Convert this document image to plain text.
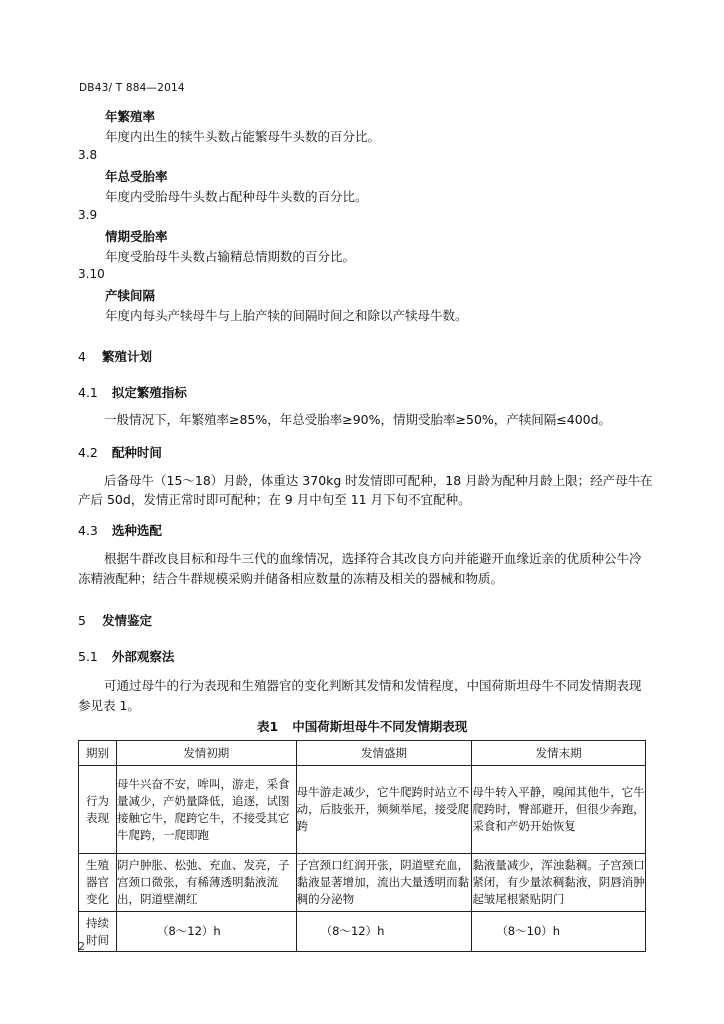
DB43/ T 884—2014
年繁殖率
年度内出生的犊牛头数占能繁母牛头数的百分比。
3.8
年总受胎率
年度内受胎母牛头数占配种母牛头数的百分比。
3.9
情期受胎率
年度受胎母牛头数占输精总情期数的百分比。
3.10
产犊间隔
年度内每头产犊母牛与上胎产犊的间隔时间之和除以产犊母牛数。
4 繁殖计划
4.1 拟定繁殖指标
一般情况下，年繁殖率≥85%，年总受胎率≥90%，情期受胎率≥50%，产犊间隔≤400d。
4.2 配种时间
后备母牛（15～18）月龄，体重达 370kg 时发情即可配种，18 月龄为配种月龄上限；经产母牛在
产后 50d，发情正常时即可配种；在 9 月中旬至 11 月下旬不宜配种。
4.3 选种选配
根据牛群改良目标和母牛三代的血缘情况，选择符合其改良方向并能避开血缘近亲的优质种公牛冷
冻精液配种；结合牛群规模采购并储备相应数量的冻精及相关的器械和物质。
5 发情鉴定
5.1 外部观察法
可通过母牛的行为表现和生殖器官的变化判断其发情和发情程度，中国荷斯坦母牛不同发情期表现
参见表 1。
表1 中国荷斯坦母牛不同发情期表现
期别	发情初期	发情盛期	发情末期

行为表现	母牛兴奋不安，哞叫，游走，采食量减少，产奶量降低，追逐，试图接触它牛，爬跨它牛，不接受其它牛爬跨，一爬即跑	母牛游走减少，它牛爬跨时站立不动，后肢张开，频频举尾，接受爬跨	母牛转入平静，嗅闻其他牛，它牛爬跨时，臀部避开，但很少奔跑，采食和产奶开始恢复

生殖器官变化	阴户肿胀、松弛、充血、发亮，子宫颈口微张，有稀薄透明黏液流出，阴道壁潮红	子宫颈口红润开张，阴道壁充血，黏液显著增加，流出大量透明而黏稠的分泌物	黏液量减少，浑浊黏稠。子宫颈口紧闭，有少量浓稠黏液，阴唇消肿起皱尾根紧贴阴门

持续时间	（8～12）h	（8～12）h	（8～10）h
2
